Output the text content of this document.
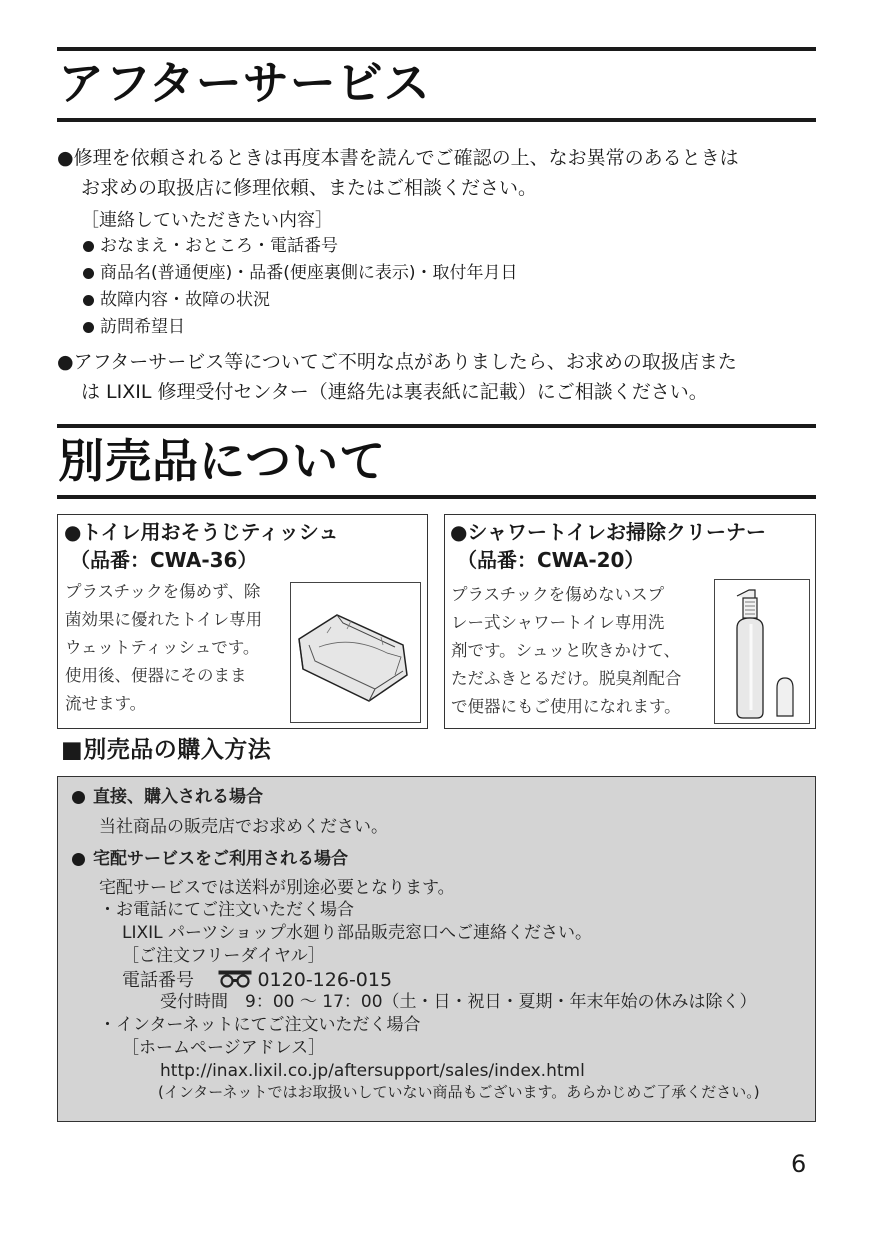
アフターサービス
●修理を依頼されるときは再度本書を読んでご確認の上、なお異常のあるときは
お求めの取扱店に修理依頼、またはご相談ください。
［連絡していただきたい内容］
おなまえ・おところ・電話番号
商品名(普通便座)・品番(便座裏側に表示)・取付年月日
故障内容・故障の状況
訪問希望日
●アフターサービス等についてご不明な点がありましたら、お求めの取扱店また
は LIXIL 修理受付センター（連絡先は裏表紙に記載）にご相談ください。
別売品について
●トイレ用おそうじティッシュ
（品番：CWA-36）
プラスチックを傷めず、除
菌効果に優れたトイレ専用
ウェットティッシュです。
使用後、便器にそのまま
流せます。
●シャワートイレお掃除クリーナー
（品番：CWA-20）
プラスチックを傷めないスプ
レー式シャワートイレ専用洗
剤です。シュッと吹きかけて、
ただふきとるだけ。脱臭剤配合
で便器にもご使用になれます。
■別売品の購入方法
直接、購入される場合
当社商品の販売店でお求めください。
宅配サービスをご利用される場合
宅配サービスでは送料が別途必要となります。
・お電話にてご注文いただく場合
LIXIL パーツショップ水廻り部品販売窓口へご連絡ください。
［ご注文フリーダイヤル］
電話番号	0120-126-015
受付時間　9：00 ～ 17：00（土・日・祝日・夏期・年末年始の休みは除く）
・インターネットにてご注文いただく場合
［ホームページアドレス］
http://inax.lixil.co.jp/aftersupport/sales/index.html
(インターネットではお取扱いしていない商品もございます。あらかじめご了承ください。)
6
